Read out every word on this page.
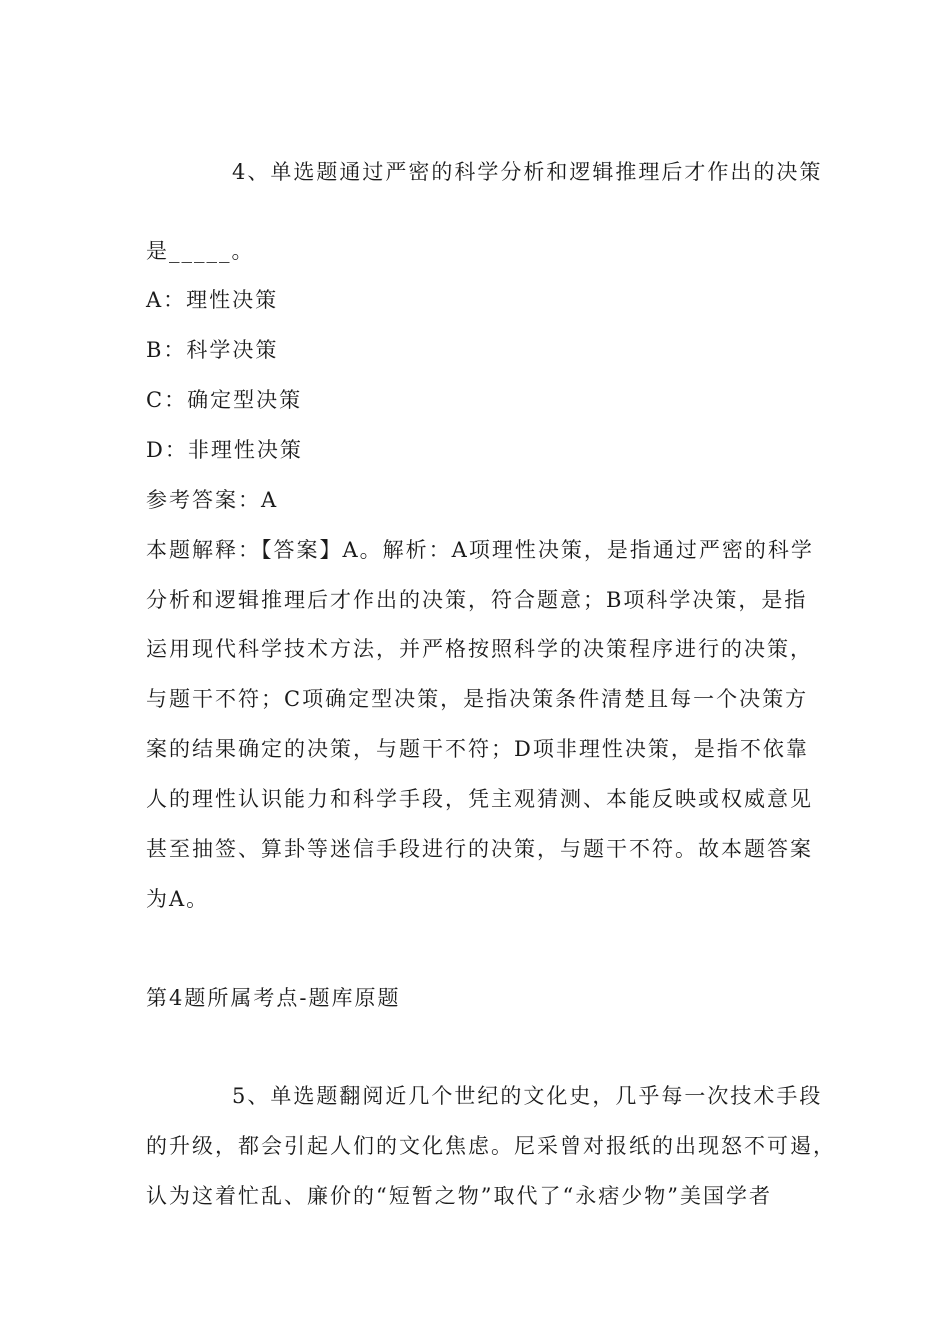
4、单选题通过严密的科学分析和逻辑推理后才作出的决策
是_____。
A：理性决策
B：科学决策
C：确定型决策
D：非理性决策
参考答案：A
本题解释：【答案】A。解析：A项理性决策，是指通过严密的科学
分析和逻辑推理后才作出的决策，符合题意；B项科学决策，是指
运用现代科学技术方法，并严格按照科学的决策程序进行的决策，
与题干不符；C项确定型决策，是指决策条件清楚且每一个决策方
案的结果确定的决策，与题干不符；D项非理性决策，是指不依靠
人的理性认识能力和科学手段，凭主观猜测、本能反映或权威意见
甚至抽签、算卦等迷信手段进行的决策，与题干不符。故本题答案
为A。
第4题所属考点-题库原题
5、单选题翻阅近几个世纪的文化史，几乎每一次技术手段
的升级，都会引起人们的文化焦虑。尼采曾对报纸的出现怒不可遏，
认为这着忙乱、廉价的“短暂之物”取代了“永痞少物”美国学者
